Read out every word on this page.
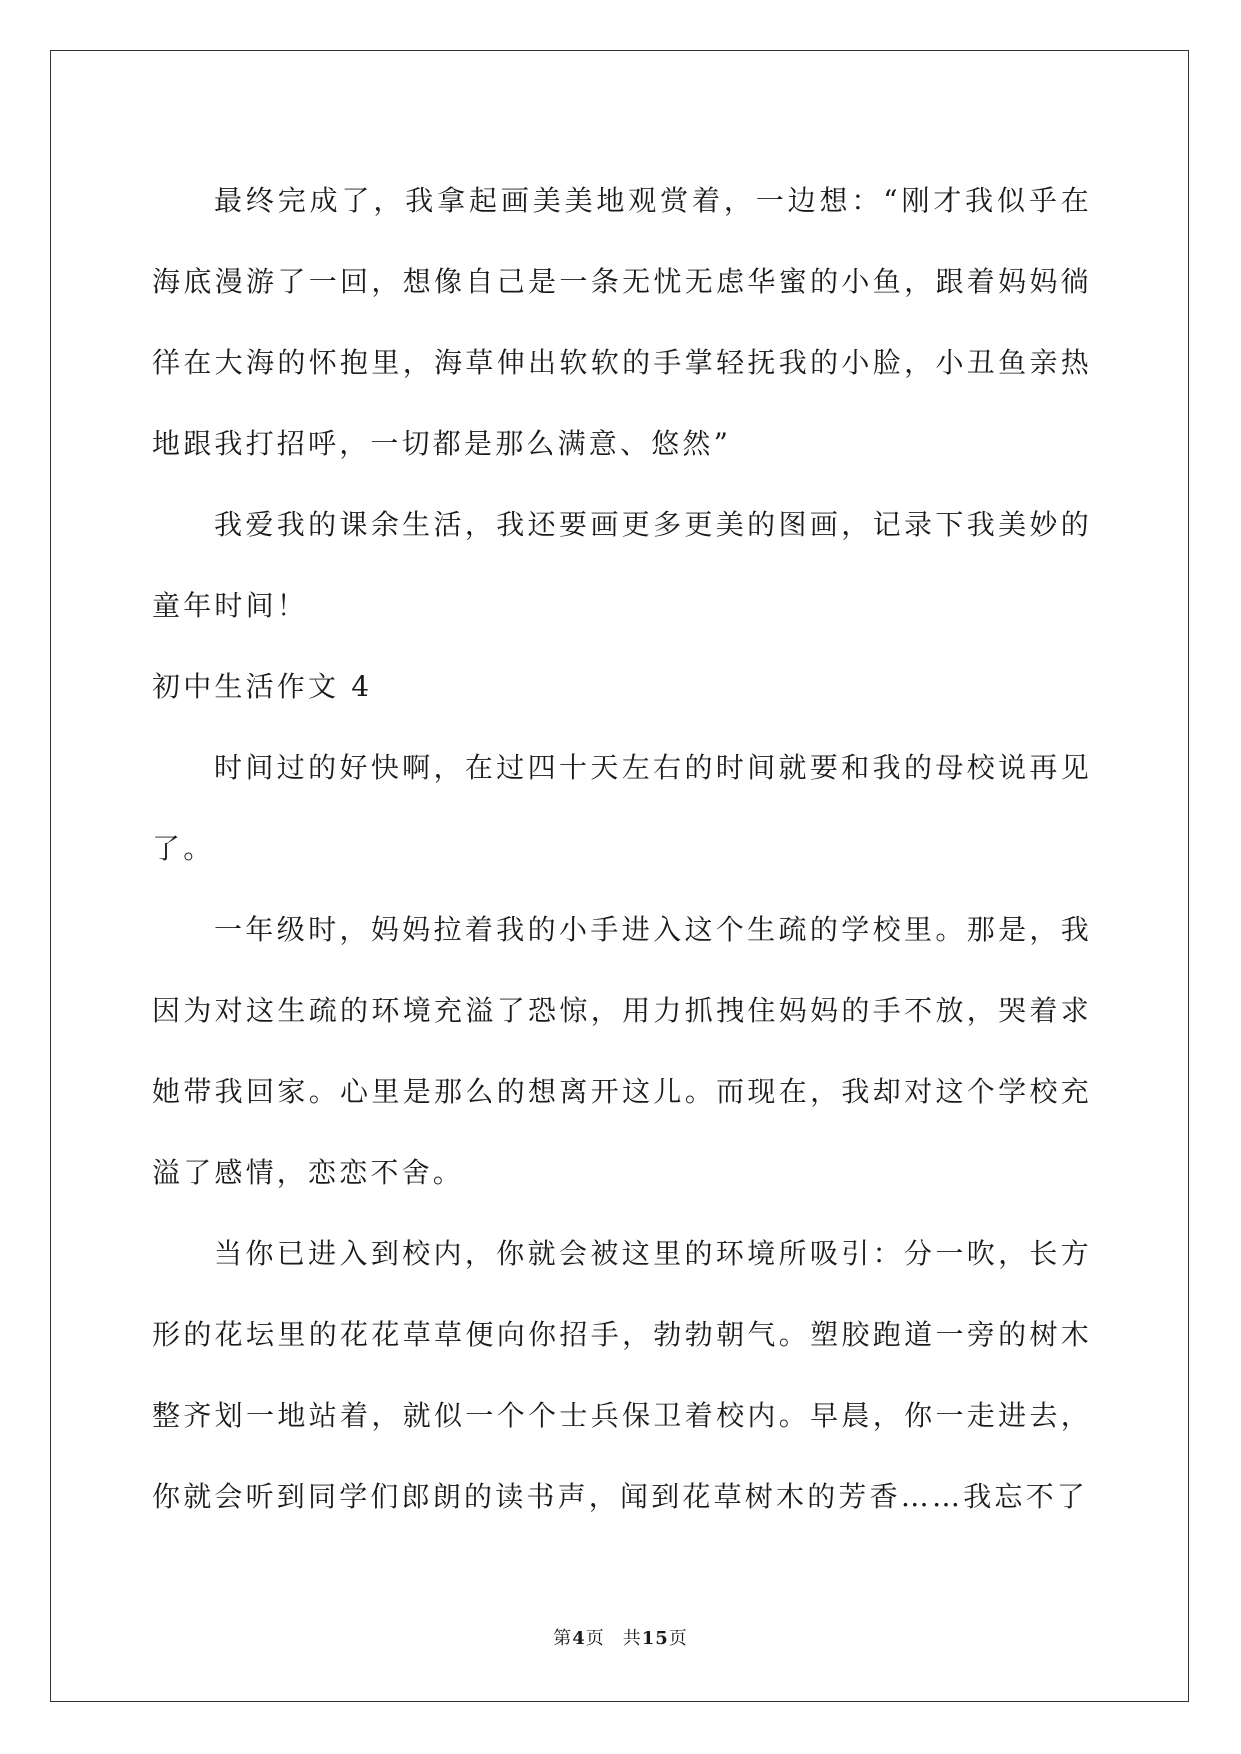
最终完成了，我拿起画美美地观赏着，一边想：“刚才我似乎在海底漫游了一回，想像自己是一条无忧无虑华蜜的小鱼，跟着妈妈徜徉在大海的怀抱里，海草伸出软软的手掌轻抚我的小脸，小丑鱼亲热地跟我打招呼，一切都是那么满意、悠然”

我爱我的课余生活，我还要画更多更美的图画，记录下我美妙的童年时间！

初中生活作文 4

时间过的好快啊，在过四十天左右的时间就要和我的母校说再见了。

一年级时，妈妈拉着我的小手进入这个生疏的学校里。那是，我因为对这生疏的环境充溢了恐惊，用力抓拽住妈妈的手不放，哭着求她带我回家。心里是那么的想离开这儿。而现在，我却对这个学校充溢了感情，恋恋不舍。

当你已进入到校内，你就会被这里的环境所吸引：分一吹，长方形的花坛里的花花草草便向你招手，勃勃朝气。塑胶跑道一旁的树木整齐划一地站着，就似一个个士兵保卫着校内。早晨，你一走进去，你就会听到同学们郎朗的读书声，闻到花草树木的芳香……我忘不了

第4页 共15页
